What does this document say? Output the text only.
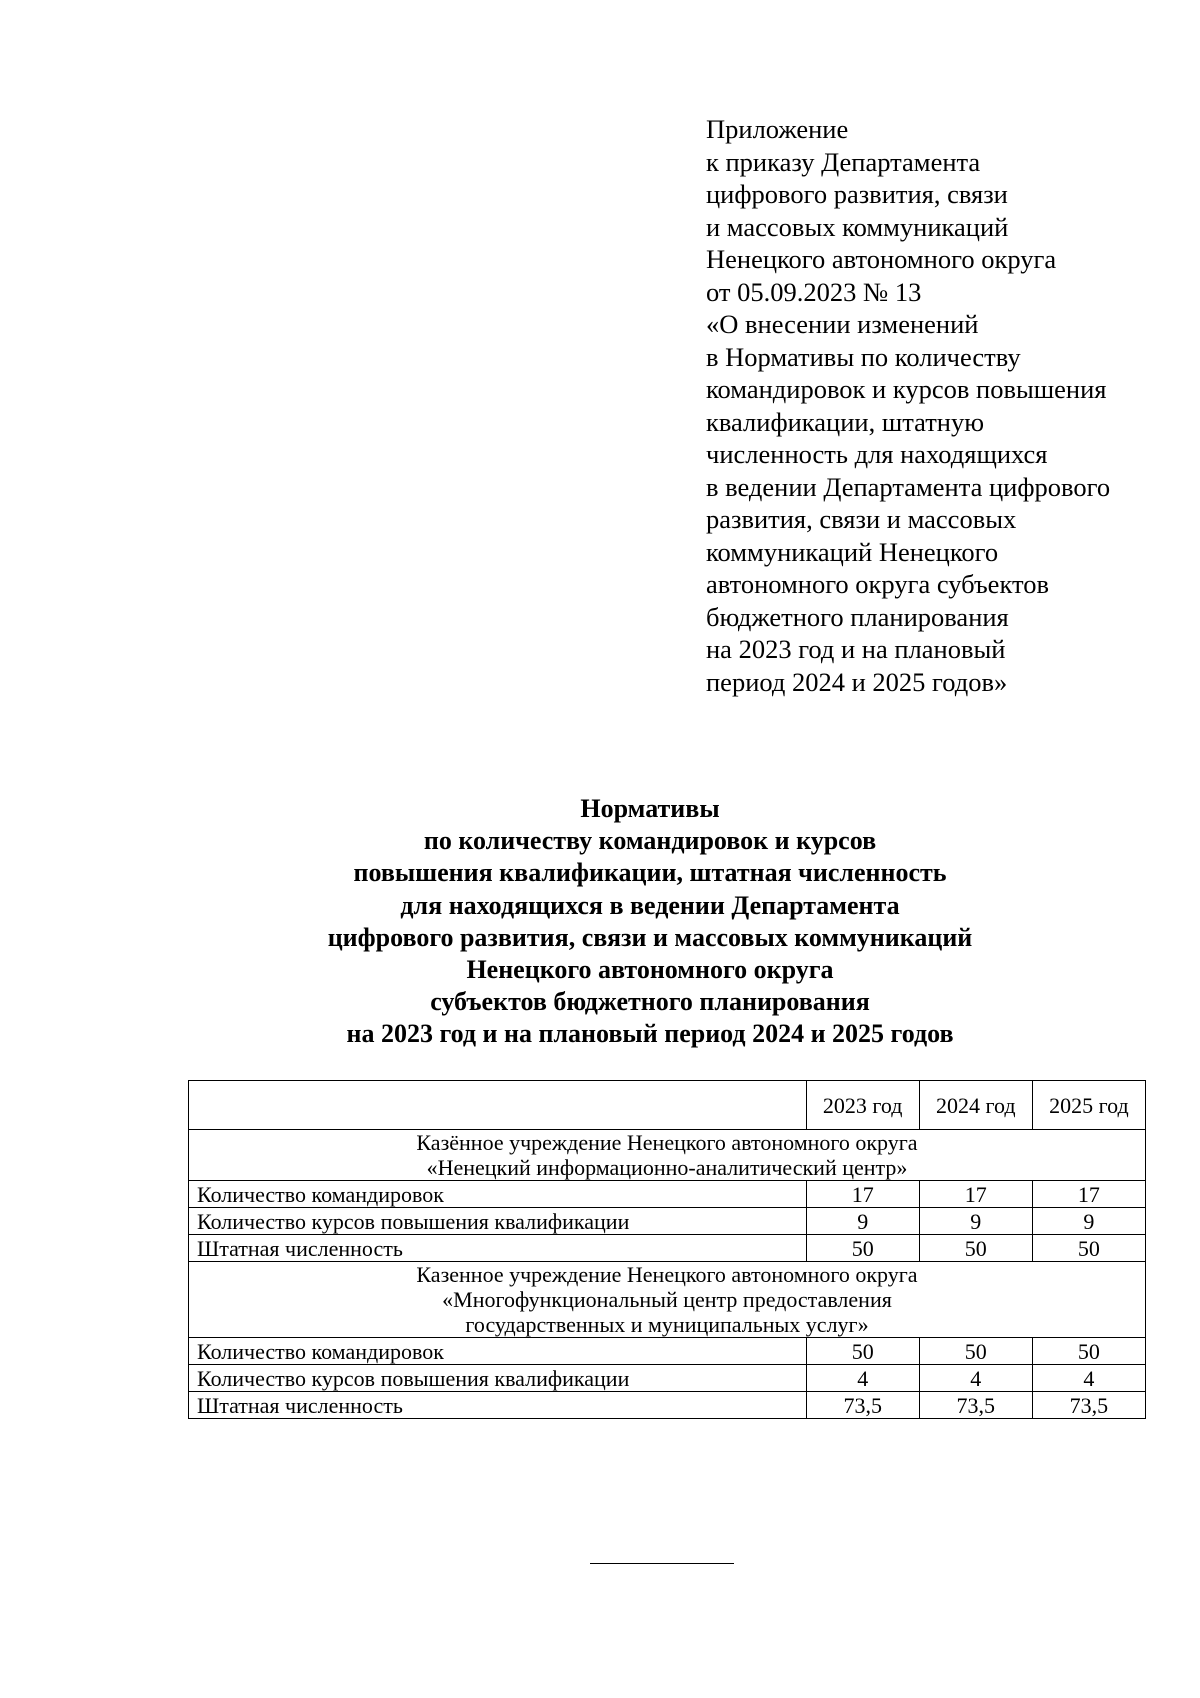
Приложение
к приказу Департамента
цифрового развития, связи
и массовых коммуникаций
Ненецкого автономного округа
от 05.09.2023 № 13
«О внесении изменений
в Нормативы по количеству
командировок и курсов повышения
квалификации, штатную
численность для находящихся
в ведении Департамента цифрового
развития, связи и массовых
коммуникаций Ненецкого
автономного округа субъектов
бюджетного планирования
на 2023 год и на плановый
период 2024 и 2025 годов»
Нормативы
по количеству командировок и курсов
повышения квалификации, штатная численность
для находящихся в ведении Департамента
цифрового развития, связи и массовых коммуникаций
Ненецкого автономного округа
субъектов бюджетного планирования
на 2023 год и на плановый период 2024 и 2025 годов
	2023 год	2024 год	2025 год

Казённое учреждение Ненецкого автономного округа
«Ненецкий информационно-аналитический центр»			

Количество командировок	17	17	17
Количество курсов повышения квалификации	9	9	9
Штатная численность	50	50	50

Казенное учреждение Ненецкого автономного округа
«Многофункциональный центр предоставления
государственных и муниципальных услуг»			

Количество командировок	50	50	50
Количество курсов повышения квалификации	4	4	4
Штатная численность	73,5	73,5	73,5
